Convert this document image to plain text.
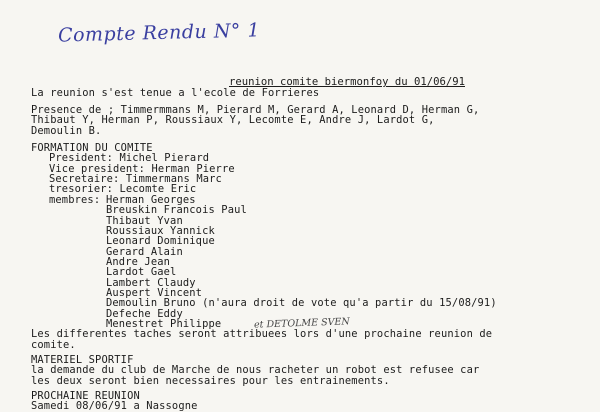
Compte Rendu N° 1
reunion comite biermonfoy du 01/06/91
La reunion s'est tenue a l'ecole de Forrieres
Presence de ; Timmermmans M, Pierard M, Gerard A, Leonard D, Herman G,
Thibaut Y, Herman P, Roussiaux Y, Lecomte E, Andre J, Lardot G,
Demoulin B.
FORMATION DU COMITE
President: Michel Pierard
Vice president: Herman Pierre
Secretaire: Timmermans Marc
tresorier: Lecomte Eric
membres: Herman Georges
Breuskin Francois Paul
Thibaut Yvan
Roussiaux Yannick
Leonard Dominique
Gerard Alain
Andre Jean
Lardot Gael
Lambert Claudy
Auspert Vincent
Demoulin Bruno (n'aura droit de vote qu'a partir du 15/08/91)
Defeche Eddy
Menestret Philippe	et DETOLME SVEN
Les differentes taches seront attribuees lors d'une prochaine reunion de
comite.
MATERIEL SPORTIF
la demande du club de Marche de nous racheter un robot est refusee car
les deux seront bien necessaires pour les entrainements.
PROCHAINE REUNION
Samedi 08/06/91 a Nassogne
